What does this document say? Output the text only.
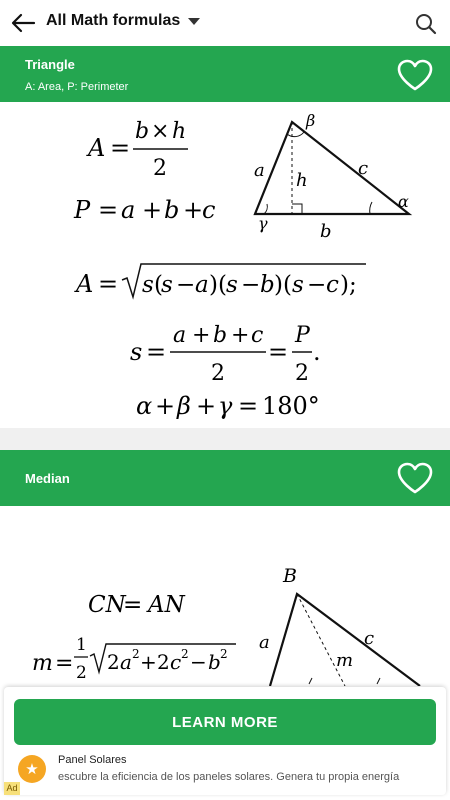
All Math formulas
Triangle
A: Area, P: Perimeter
A =
b × h
2
P = a + b +
c
a
b
c
h
α
β
γ
A = s (
s − a )( s − b )( s − c );
s =
a + b + c
2
=
P
2
.
α + β + γ = 180°
Median
CN
= AN
m =
1
2 2 a 2 + 2 c 2 − b 2
B
a	c
m
LEARN MORE
★
Panel Solares
escubre la eficiencia de los paneles solares. Genera tu propia energía
Ad
